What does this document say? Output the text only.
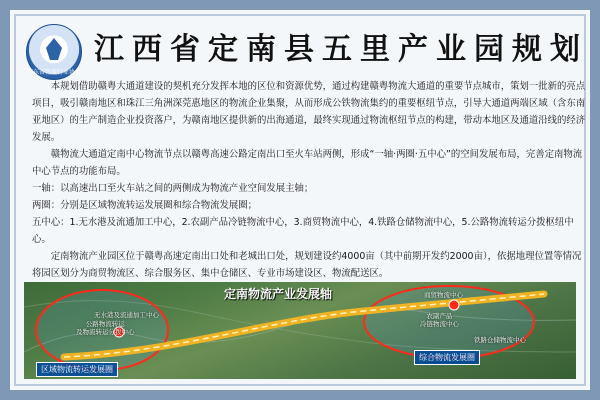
广东省物流行业协会
江西省定南县五里产业园规划

本规划借助赣粤大通道建设的契机充分发挥本地的区位和资源优势，通过构建赣粤物流大通道的重要节点城市，策划一批新的亮点项目，吸引赣南地区和珠江三角洲深莞惠地区的物流企业集聚，从而形成公铁物流集约的重要枢纽节点，引导大通道两端区域（含东南亚地区）的生产制造企业投资落户，为赣南地区提供新的出海通道，最终实现通过物流枢纽节点的构建，带动本地区及通道沿线的经济发展。

赣物流大通道定南中心物流节点以赣粤高速公路定南出口至火车站两侧，形成“一轴·两圈·五中心”的空间发展布局，完善定南物流中心节点的功能布局。

一轴：以高速出口至火车站之间的两侧成为物流产业空间发展主轴；

两圈：分别是区域物流转运发展圈和综合物流发展圈；

五中心：1.无水港及流通加工中心，2.农副产品冷链物流中心，3.商贸物流中心，4.铁路仓储物流中心，5.公路物流转运分拨枢纽中心。

定南物流产业园区位于赣粤高速定南出口处和老城出口处，规划建设约4000亩（其中前期开发约2000亩），依据地理位置等情况将园区划分为商贸物流区、综合服务区、集中仓储区、专业市场建设区、物流配送区。

定南物流产业发展轴
公路物流转运
及物流转运分拨中心
无水港及流通加工中心
商贸物流中心
农副产品
冷链物流中心
铁路仓储物流中心
区域物流转运发展圈
综合物流发展圈
